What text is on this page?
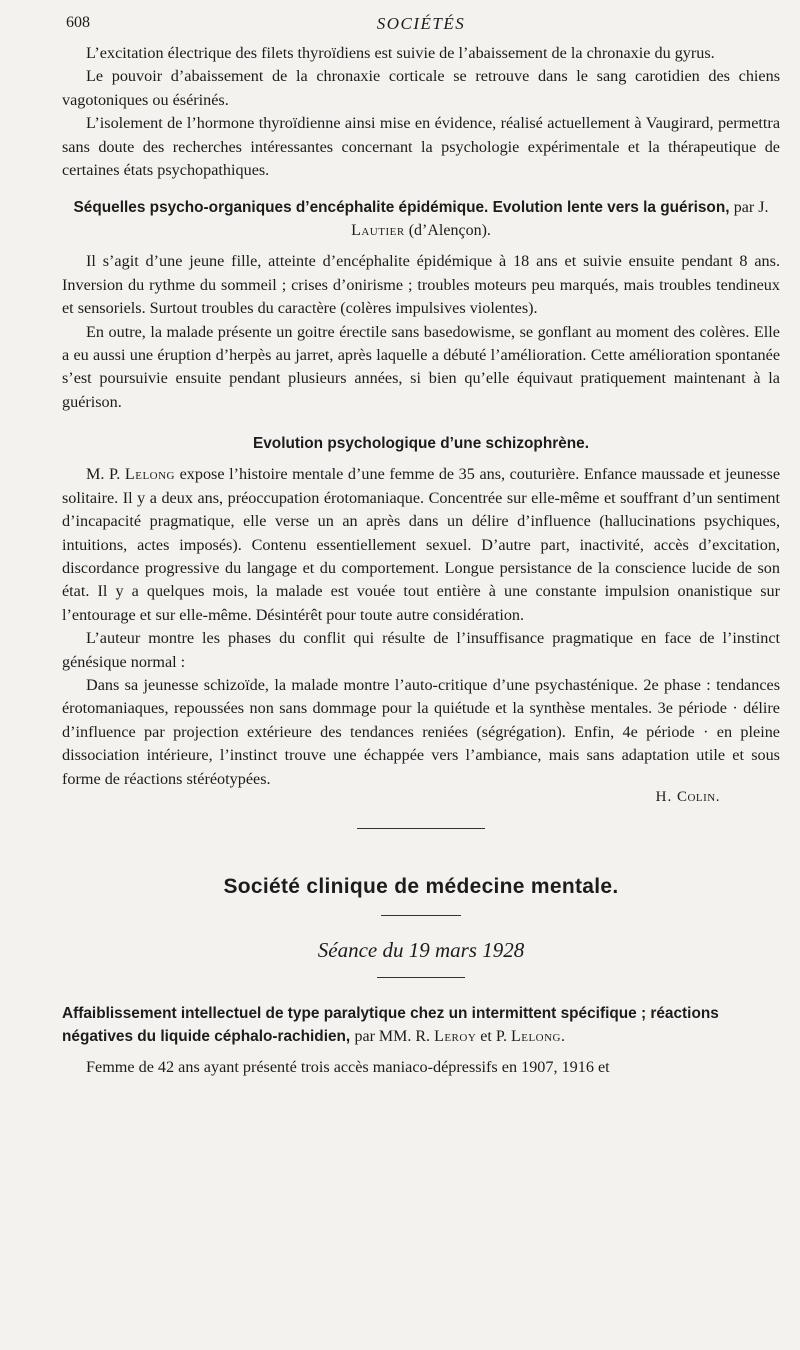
608	SOCIÉTÉS

L’excitation électrique des filets thyroïdiens est suivie de l’abaissement de la chronaxie du gyrus.

Le pouvoir d’abaissement de la chronaxie corticale se retrouve dans le sang carotidien des chiens vagotoniques ou ésérinés.

L’isolement de l’hormone thyroïdienne ainsi mise en évidence, réalisé actuellement à Vaugirard, permettra sans doute des recherches intéressantes concernant la psychologie expérimentale et la thérapeutique de certaines états psychopathiques.

Séquelles psycho-organiques d’encéphalite épidémique. Evolution lente vers la guérison, par J. Lautier (d’Alençon).

Il s’agit d’une jeune fille, atteinte d’encéphalite épidémique à 18 ans et suivie ensuite pendant 8 ans. Inversion du rythme du sommeil ; crises d’onirisme ; troubles moteurs peu marqués, mais troubles tendineux et sensoriels. Surtout troubles du caractère (colères impulsives violentes).

En outre, la malade présente un goitre érectile sans basedowisme, se gonflant au moment des colères. Elle a eu aussi une éruption d’herpès au jarret, après laquelle a débuté l’amélioration. Cette amélioration spontanée s’est poursuivie ensuite pendant plusieurs années, si bien qu’elle équivaut pratiquement maintenant à la guérison.

Evolution psychologique d’une schizophrène.

M. P. Lelong expose l’histoire mentale d’une femme de 35 ans, couturière. Enfance maussade et jeunesse solitaire. Il y a deux ans, préoccupation érotomaniaque. Concentrée sur elle-même et souffrant d’un sentiment d’incapacité pragmatique, elle verse un an après dans un délire d’influence (hallucinations psychiques, intuitions, actes imposés). Contenu essentiellement sexuel. D’autre part, inactivité, accès d’excitation, discordance progressive du langage et du comportement. Longue persistance de la conscience lucide de son état. Il y a quelques mois, la malade est vouée tout entière à une constante impulsion onanistique sur l’entourage et sur elle-même. Désintérêt pour toute autre considération.

L’auteur montre les phases du conflit qui résulte de l’insuffisance pragmatique en face de l’instinct génésique normal :

Dans sa jeunesse schizoïde, la malade montre l’auto-critique d’une psychasténique. 2e phase : tendances érotomaniaques, repoussées non sans dommage pour la quiétude et la synthèse mentales. 3e période · délire d’influence par projection extérieure des tendances reniées (ségrégation). Enfin, 4e période · en pleine dissociation intérieure, l’instinct trouve une échappée vers l’ambiance, mais sans adaptation utile et sous forme de réactions stéréotypées.

H. Colin.
Société clinique de médecine mentale.
Séance du 19 mars 1928
Affaiblissement intellectuel de type paralytique chez un intermittent spécifique ; réactions négatives du liquide céphalo-rachidien, par MM. R. Leroy et P. Lelong.

Femme de 42 ans ayant présenté trois accès maniaco-dépressifs en 1907, 1916 et
